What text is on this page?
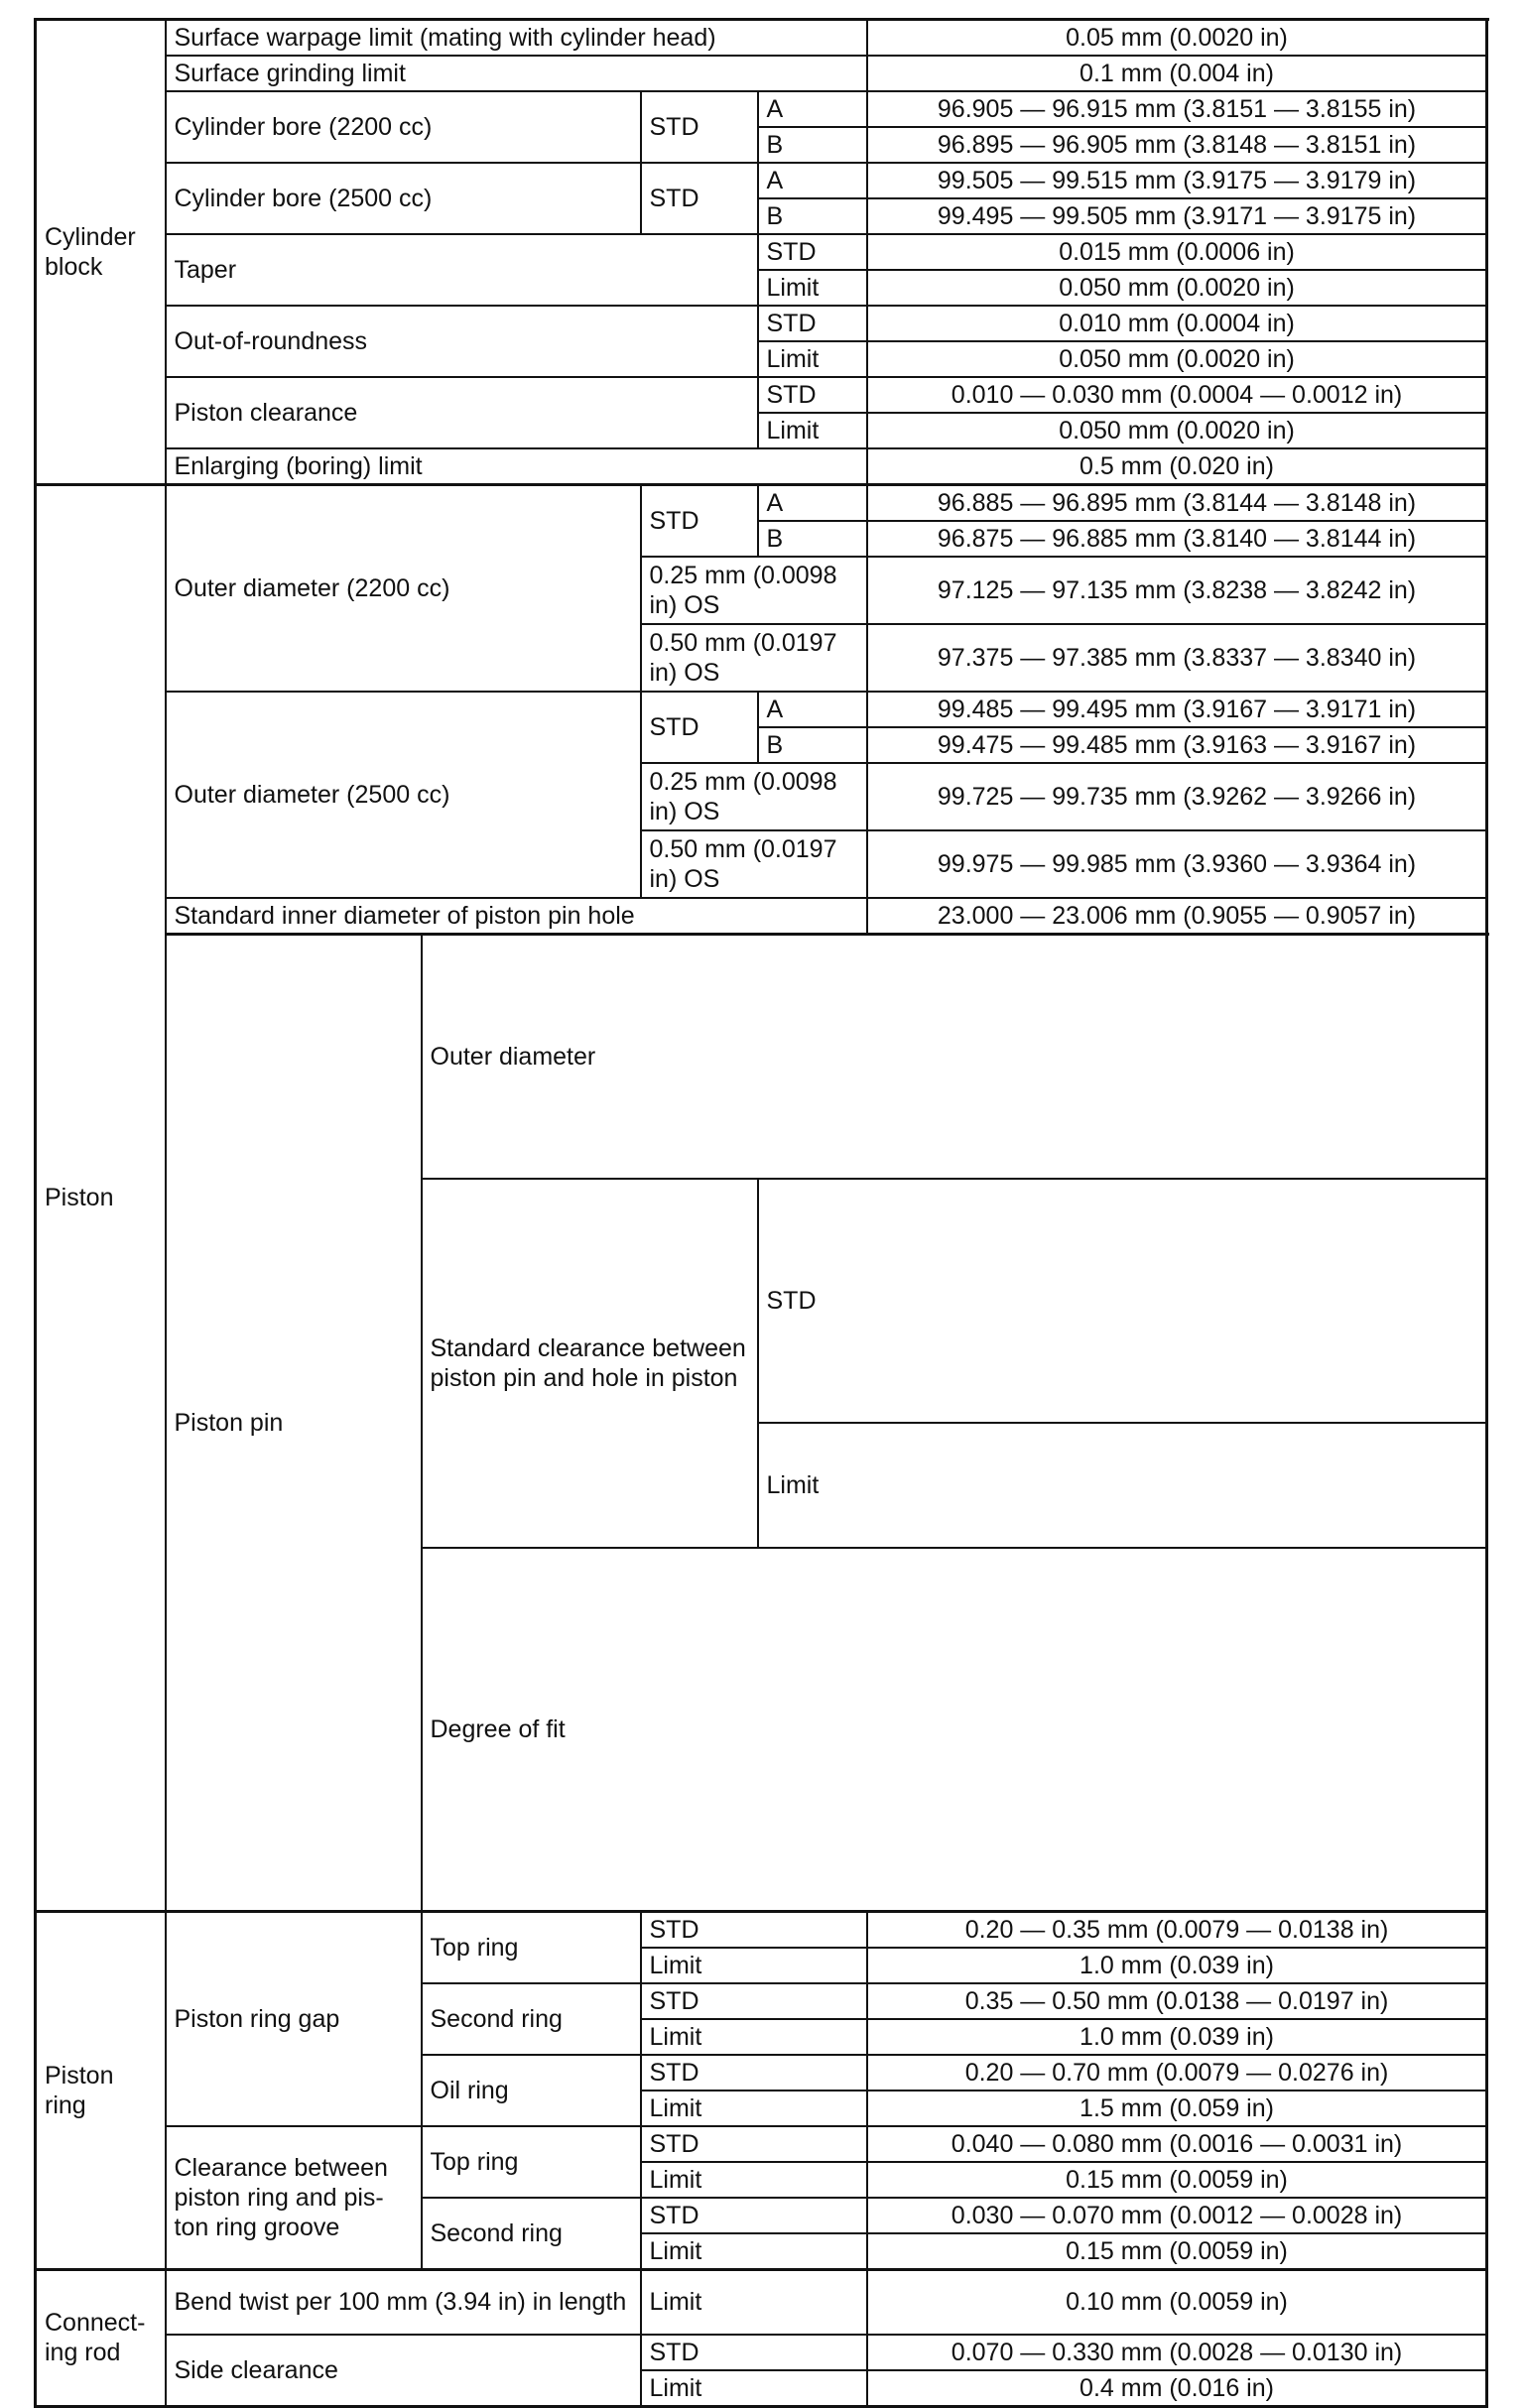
Cylinder block	Surface warpage limit (mating with cylinder head)				0.05 mm (0.0020 in)	
	Surface grinding limit				0.1 mm (0.004 in)	
	Cylinder bore (2200 cc)		STD	A	96.905 — 96.915 mm (3.8151 — 3.8155 in)	
				B	96.895 — 96.905 mm (3.8148 — 3.8151 in)	
	Cylinder bore (2500 cc)		STD	A	99.505 — 99.515 mm (3.9175 — 3.9179 in)	
				B	99.495 — 99.505 mm (3.9171 — 3.9175 in)	
	Taper			STD	0.015 mm (0.0006 in)	
				Limit	0.050 mm (0.0020 in)	
	Out-of-roundness			STD	0.010 mm (0.0004 in)	
				Limit	0.050 mm (0.0020 in)	
	Piston clearance			STD	0.010 — 0.030 mm (0.0004 — 0.0012 in)	
				Limit	0.050 mm (0.0020 in)	
	Enlarging (boring) limit				0.5 mm (0.020 in)	
Piston	Outer diameter (2200 cc)		STD	A	96.885 — 96.895 mm (3.8144 — 3.8148 in)	
				B	96.875 — 96.885 mm (3.8140 — 3.8144 in)	
			0.25 mm (0.0098 in) OS		97.125 — 97.135 mm (3.8238 — 3.8242 in)	
			0.50 mm (0.0197 in) OS		97.375 — 97.385 mm (3.8337 — 3.8340 in)	
	Outer diameter (2500 cc)		STD	A	99.485 — 99.495 mm (3.9167 — 3.9171 in)	
				B	99.475 — 99.485 mm (3.9163 — 3.9167 in)	
			0.25 mm (0.0098 in) OS		99.725 — 99.735 mm (3.9262 — 3.9266 in)	
			0.50 mm (0.0197 in) OS		99.975 — 99.985 mm (3.9360 — 3.9364 in)	
	Standard inner diameter of piston pin hole				23.000 — 23.006 mm (0.9055 — 0.9057 in)	
	Piston pin	Outer diameter	
		Standard clearance between piston pin and hole in piston		STD	
				Limit	
		Degree of fit	
Piston ring	Piston ring gap	Top ring	STD		0.20 — 0.35 mm (0.0079 — 0.0138 in)	
			Limit		1.0 mm (0.039 in)	
		Second ring	STD		0.35 — 0.50 mm (0.0138 — 0.0197 in)	
			Limit		1.0 mm (0.039 in)	
		Oil ring	STD		0.20 — 0.70 mm (0.0079 — 0.0276 in)	
			Limit		1.5 mm (0.059 in)	
	Clearance between piston ring and pis-ton ring groove	Top ring	STD		0.040 — 0.080 mm (0.0016 — 0.0031 in)	
			Limit		0.15 mm (0.0059 in)	
		Second ring	STD		0.030 — 0.070 mm (0.0012 — 0.0028 in)	
			Limit		0.15 mm (0.0059 in)	
Connect-ing rod	Bend twist per 100 mm (3.94 in) in length		Limit		0.10 mm (0.0059 in)	
	Side clearance		STD		0.070 — 0.330 mm (0.0028 — 0.0130 in)	
			Limit		0.4 mm (0.016 in)	
